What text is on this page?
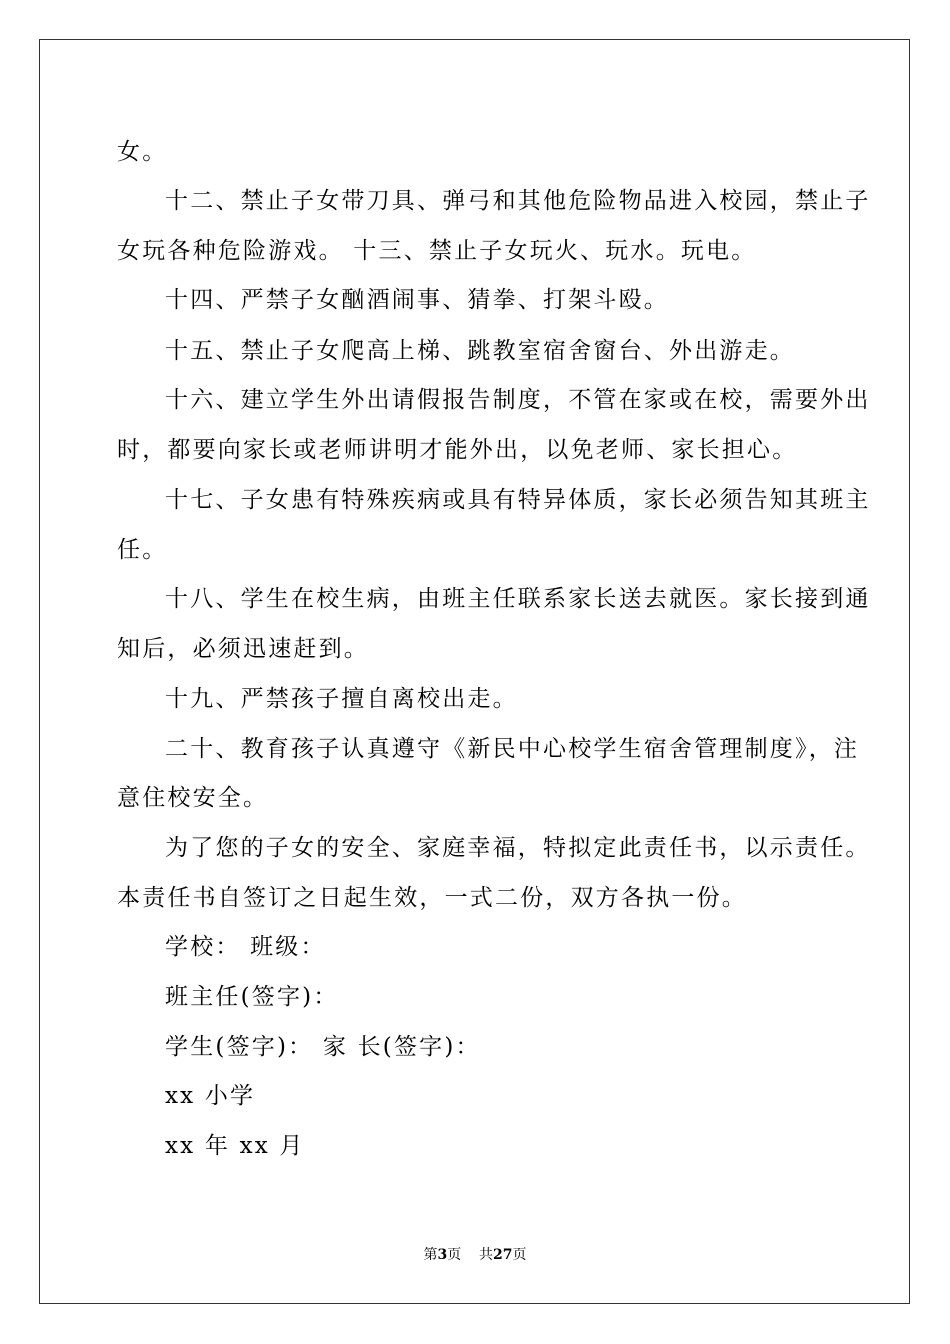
女。
十二、禁止子女带刀具、弹弓和其他危险物品进入校园，禁止子
女玩各种危险游戏。 十三、禁止子女玩火、玩水。玩电。
十四、严禁子女酗酒闹事、猜拳、打架斗殴。
十五、禁止子女爬高上梯、跳教室宿舍窗台、外出游走。
十六、建立学生外出请假报告制度，不管在家或在校，需要外出
时，都要向家长或老师讲明才能外出，以免老师、家长担心。
十七、子女患有特殊疾病或具有特异体质，家长必须告知其班主
任。
十八、学生在校生病，由班主任联系家长送去就医。家长接到通
知后，必须迅速赶到。
十九、严禁孩子擅自离校出走。
二十、教育孩子认真遵守《新民中心校学生宿舍管理制度》，注
意住校安全。
为了您的子女的安全、家庭幸福，特拟定此责任书，以示责任。
本责任书自签订之日起生效，一式二份，双方各执一份。
学校： 班级：
班主任(签字)：
学生(签字)： 家 长(签字)：
xx 小学
xx 年 xx 月
第3页 共27页
